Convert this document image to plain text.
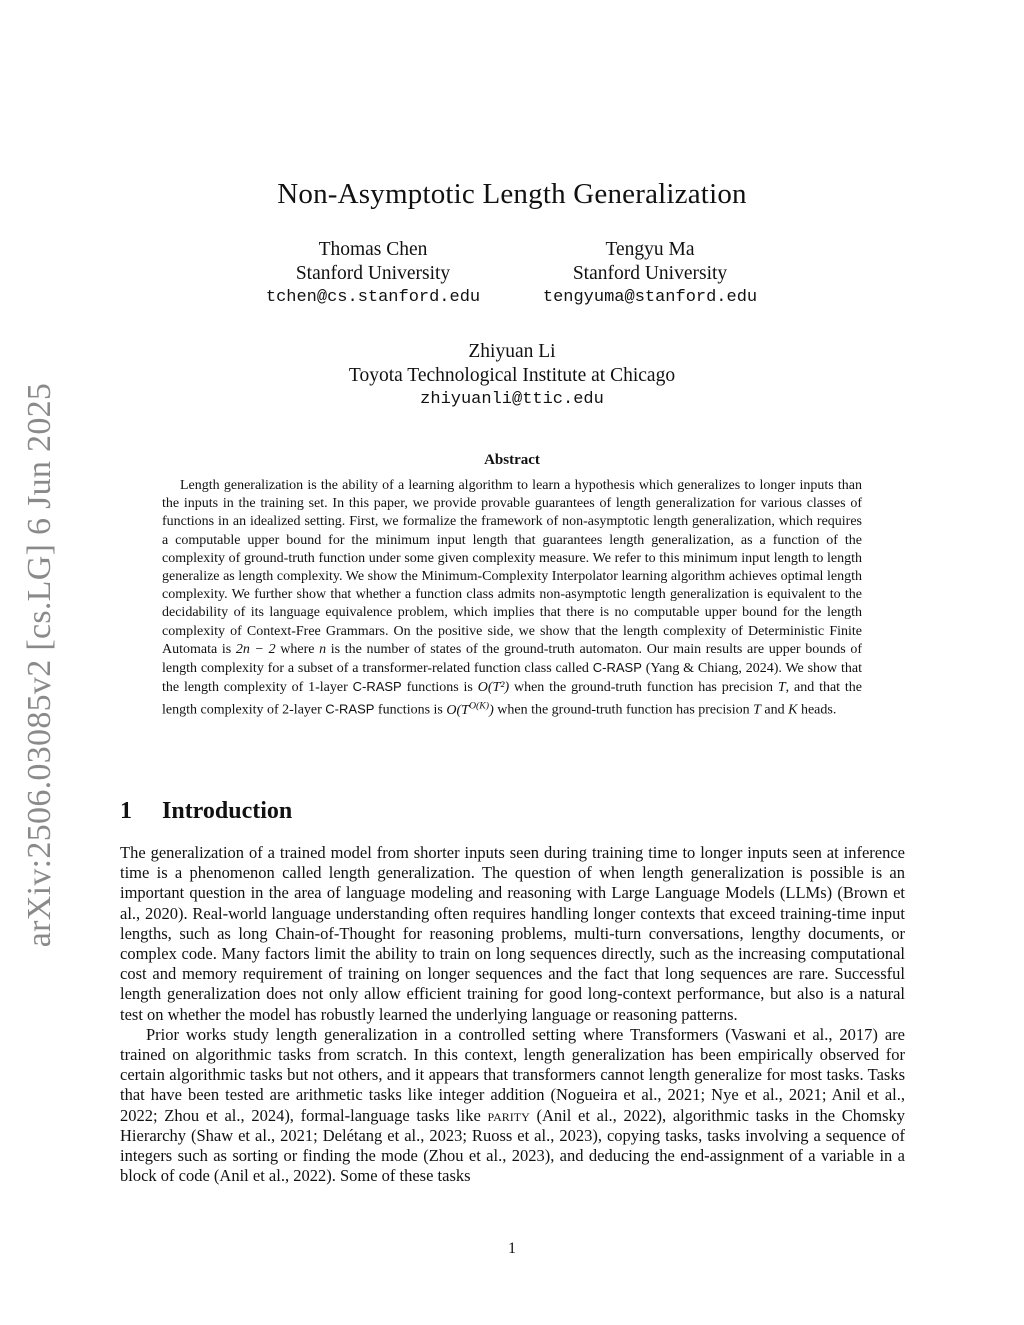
arXiv:2506.03085v2 [cs.LG] 6 Jun 2025
Non-Asymptotic Length Generalization
Thomas Chen
Stanford University
tchen@cs.stanford.edu
Tengyu Ma
Stanford University
tengyuma@stanford.edu
Zhiyuan Li
Toyota Technological Institute at Chicago
zhiyuanli@ttic.edu
Abstract
Length generalization is the ability of a learning algorithm to learn a hypothesis which generalizes to longer inputs than the inputs in the training set. In this paper, we provide provable guarantees of length generalization for various classes of functions in an idealized setting. First, we formalize the framework of non-asymptotic length generalization, which requires a computable upper bound for the minimum input length that guarantees length generalization, as a function of the complexity of ground-truth function under some given complexity measure. We refer to this minimum input length to length generalize as length complexity. We show the Minimum-Complexity Interpolator learning algorithm achieves optimal length complexity. We further show that whether a function class admits non-asymptotic length generalization is equivalent to the decidability of its language equivalence problem, which implies that there is no computable upper bound for the length complexity of Context-Free Grammars. On the positive side, we show that the length complexity of Deterministic Finite Automata is 2n − 2 where n is the number of states of the ground-truth automaton. Our main results are upper bounds of length complexity for a subset of a transformer-related function class called C-RASP (Yang & Chiang, 2024). We show that the length complexity of 1-layer C-RASP functions is O(T²) when the ground-truth function has precision T, and that the length complexity of 2-layer C-RASP functions is $O(T^{O(K)})$ when the ground-truth function has precision T and K heads.
1 Introduction

The generalization of a trained model from shorter inputs seen during training time to longer inputs seen at inference time is a phenomenon called length generalization. The question of when length generalization is possible is an important question in the area of language modeling and reasoning with Large Language Models (LLMs) (Brown et al., 2020). Real-world language understanding often requires handling longer contexts that exceed training-time input lengths, such as long Chain-of-Thought for reasoning problems, multi-turn conversations, lengthy documents, or complex code. Many factors limit the ability to train on long sequences directly, such as the increasing computational cost and memory requirement of training on longer sequences and the fact that long sequences are rare. Successful length generalization does not only allow efficient training for good long-context performance, but also is a natural test on whether the model has robustly learned the underlying language or reasoning patterns.

Prior works study length generalization in a controlled setting where Transformers (Vaswani et al., 2017) are trained on algorithmic tasks from scratch. In this context, length generalization has been empirically observed for certain algorithmic tasks but not others, and it appears that transformers cannot length generalize for most tasks. Tasks that have been tested are arithmetic tasks like integer addition (Nogueira et al., 2021; Nye et al., 2021; Anil et al., 2022; Zhou et al., 2024), formal-language tasks like parity (Anil et al., 2022), algorithmic tasks in the Chomsky Hierarchy (Shaw et al., 2021; Delétang et al., 2023; Ruoss et al., 2023), copying tasks, tasks involving a sequence of integers such as sorting or finding the mode (Zhou et al., 2023), and deducing the end-assignment of a variable in a block of code (Anil et al., 2022). Some of these tasks

1
